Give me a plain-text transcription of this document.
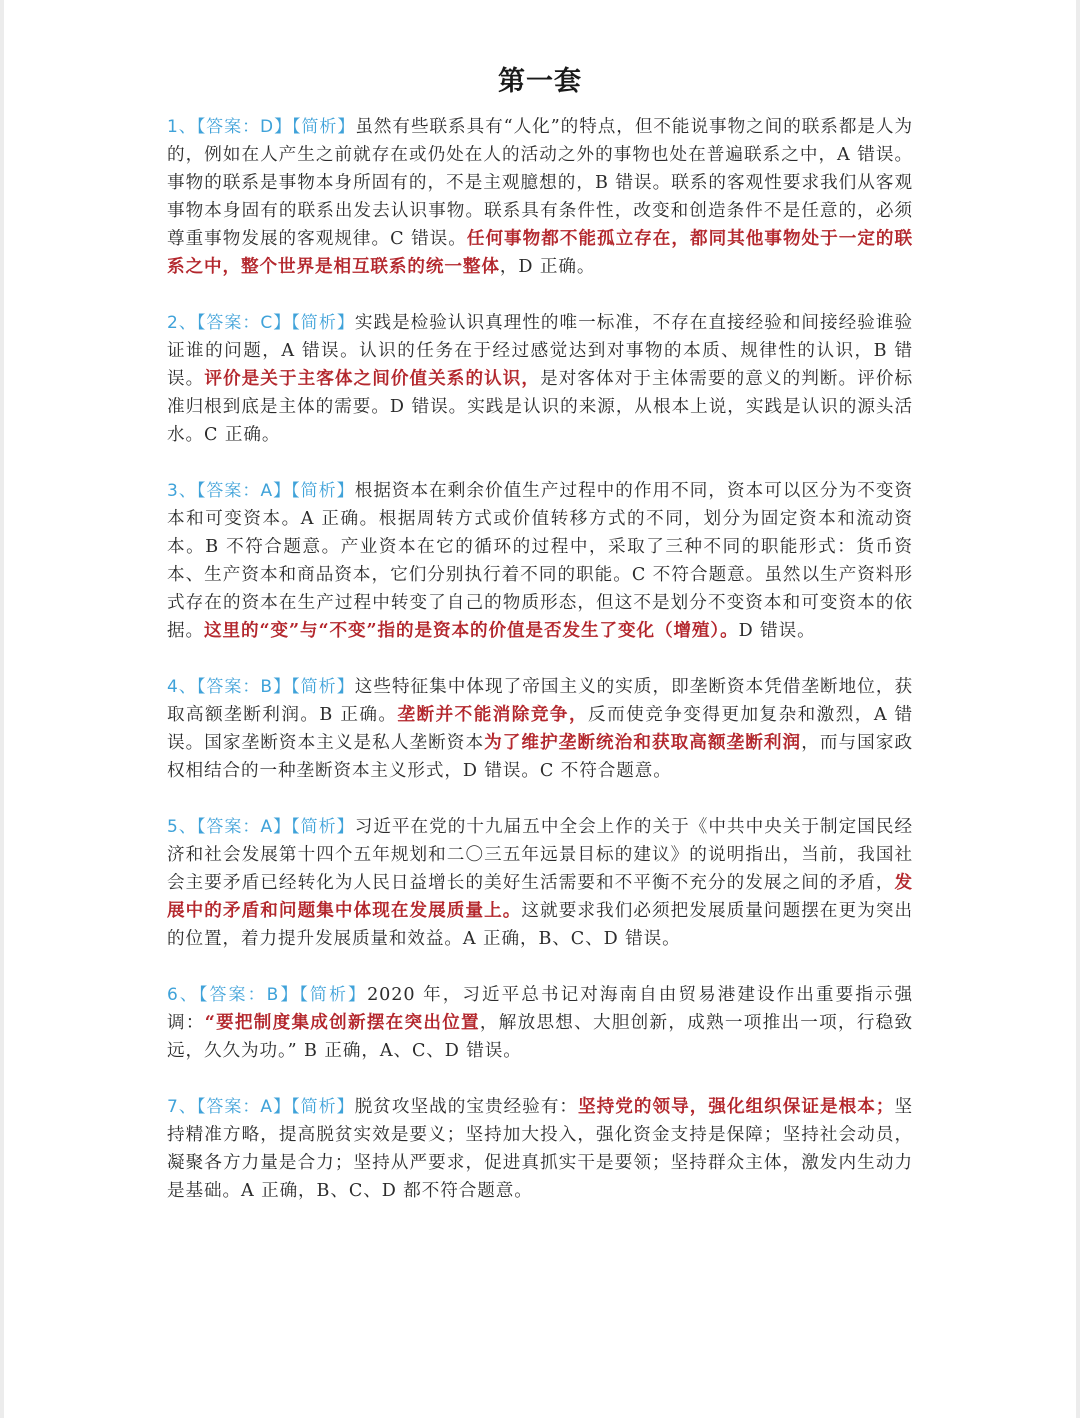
第一套

1、【答案：D】【简析】虽然有些联系具有“人化”的特点，但不能说事物之间的联系都是人为的，例如在人产生之前就存在或仍处在人的活动之外的事物也处在普遍联系之中，A 错误。事物的联系是事物本身所固有的，不是主观臆想的，B 错误。联系的客观性要求我们从客观事物本身固有的联系出发去认识事物。联系具有条件性，改变和创造条件不是任意的，必须尊重事物发展的客观规律。C 错误。任何事物都不能孤立存在，都同其他事物处于一定的联系之中，整个世界是相互联系的统一整体，D 正确。

2、【答案：C】【简析】实践是检验认识真理性的唯一标准，不存在直接经验和间接经验谁验证谁的问题，A 错误。认识的任务在于经过感觉达到对事物的本质、规律性的认识，B 错误。评价是关于主客体之间价值关系的认识，是对客体对于主体需要的意义的判断。评价标准归根到底是主体的需要。D 错误。实践是认识的来源，从根本上说，实践是认识的源头活水。C 正确。

3、【答案：A】【简析】根据资本在剩余价值生产过程中的作用不同，资本可以区分为不变资本和可变资本。A 正确。根据周转方式或价值转移方式的不同，划分为固定资本和流动资本。B 不符合题意。产业资本在它的循环的过程中，采取了三种不同的职能形式：货币资本、生产资本和商品资本，它们分别执行着不同的职能。C 不符合题意。虽然以生产资料形式存在的资本在生产过程中转变了自己的物质形态，但这不是划分不变资本和可变资本的依据。这里的“变”与“不变”指的是资本的价值是否发生了变化（增殖）。D 错误。

4、【答案：B】【简析】这些特征集中体现了帝国主义的实质，即垄断资本凭借垄断地位，获取高额垄断利润。B 正确。垄断并不能消除竞争，反而使竞争变得更加复杂和激烈，A 错误。国家垄断资本主义是私人垄断资本为了维护垄断统治和获取高额垄断利润，而与国家政权相结合的一种垄断资本主义形式，D 错误。C 不符合题意。

5、【答案：A】【简析】习近平在党的十九届五中全会上作的关于《中共中央关于制定国民经济和社会发展第十四个五年规划和二〇三五年远景目标的建议》的说明指出，当前，我国社会主要矛盾已经转化为人民日益增长的美好生活需要和不平衡不充分的发展之间的矛盾，发展中的矛盾和问题集中体现在发展质量上。这就要求我们必须把发展质量问题摆在更为突出的位置，着力提升发展质量和效益。A 正确，B、C、D 错误。

6、【答案：B】【简析】2020 年，习近平总书记对海南自由贸易港建设作出重要指示强调：“要把制度集成创新摆在突出位置，解放思想、大胆创新，成熟一项推出一项，行稳致远，久久为功。” B 正确，A、C、D 错误。

7、【答案：A】【简析】脱贫攻坚战的宝贵经验有：坚持党的领导，强化组织保证是根本；坚持精准方略，提高脱贫实效是要义；坚持加大投入，强化资金支持是保障；坚持社会动员，凝聚各方力量是合力；坚持从严要求，促进真抓实干是要领；坚持群众主体，激发内生动力是基础。A 正确，B、C、D 都不符合题意。
